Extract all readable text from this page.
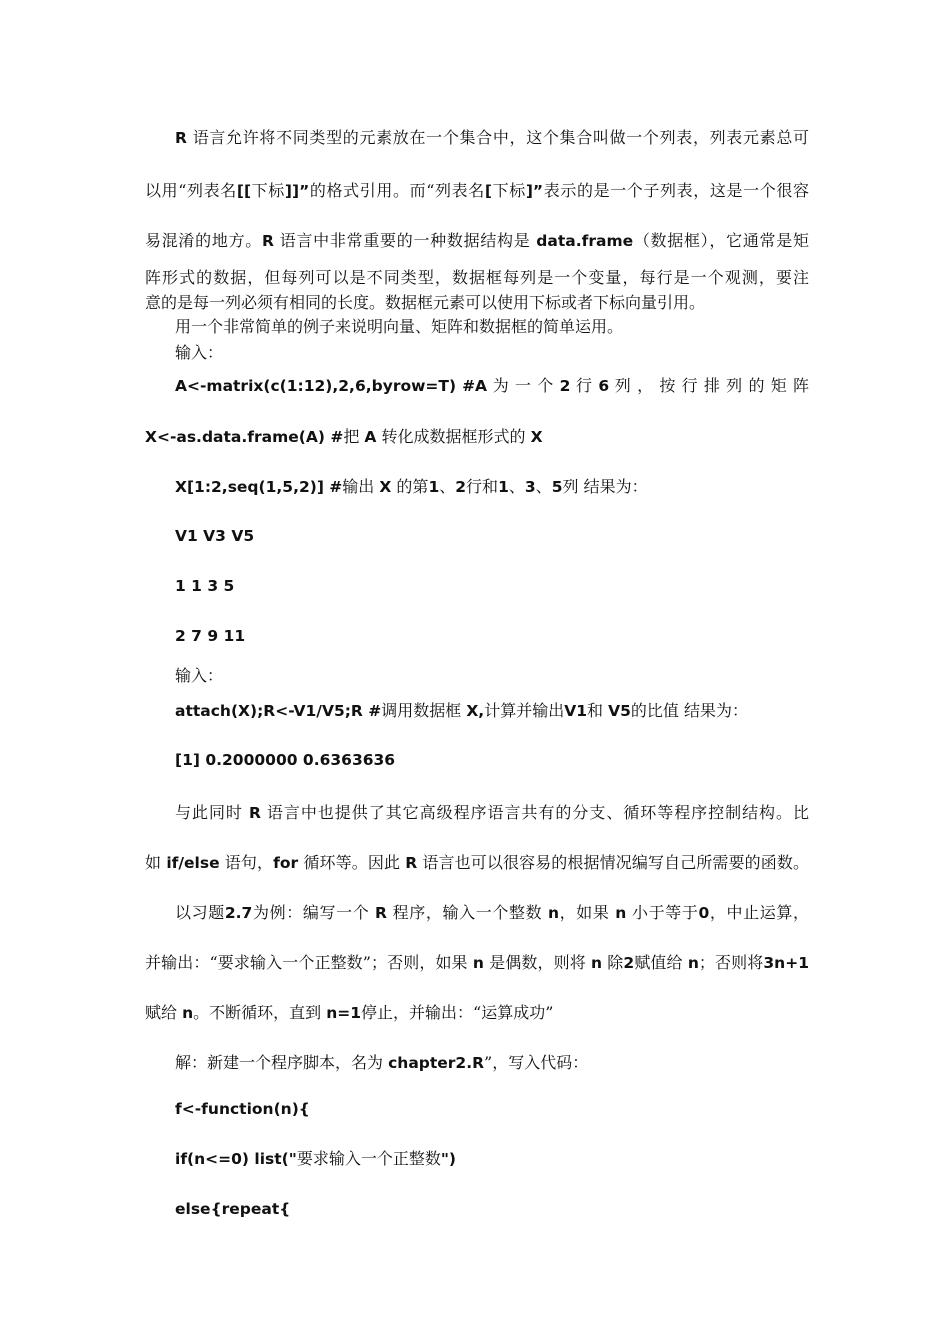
R 语言允许将不同类型的元素放在一个集合中，这个集合叫做一个列表，列表元素总可
以用“列表名[[下标]]”的格式引用。而“列表名[下标]”表示的是一个子列表，这是一个很容
易混淆的地方。R 语言中非常重要的一种数据结构是 data.frame（数据框），它通常是矩
阵形式的数据，但每列可以是不同类型，数据框每列是一个变量，每行是一个观测，要注
意的是每一列必须有相同的长度。数据框元素可以使用下标或者下标向量引用。
用一个非常简单的例子来说明向量、矩阵和数据框的简单运用。
输入：
A<-matrix(c(1:12),2,6,byrow=T) #A 为 一 个 2 行 6 列 ， 按 行 排 列 的 矩 阵
X<-as.data.frame(A) #把 A 转化成数据框形式的 X
X[1:2,seq(1,5,2)] #输出 X 的第1、2行和1、3、5列 结果为：
V1 V3 V5
1 1 3 5
2 7 9 11
输入：
attach(X);R<-V1/V5;R #调用数据框 X,计算并输出V1和 V5的比值 结果为：
[1] 0.2000000 0.6363636
与此同时 R 语言中也提供了其它高级程序语言共有的分支、循环等程序控制结构。比
如 if/else 语句，for 循环等。因此 R 语言也可以很容易的根据情况编写自己所需要的函数。
以习题2.7为例：编写一个 R 程序，输入一个整数 n，如果 n 小于等于0，中止运算，
并输出：“要求输入一个正整数”；否则，如果 n 是偶数，则将 n 除2赋值给 n；否则将3n+1
赋给 n。不断循环，直到 n=1停止，并输出：“运算成功”
解：新建一个程序脚本，名为 chapter2.R”，写入代码：
f<-function(n){
if(n<=0) list("要求输入一个正整数")
else{repeat{
